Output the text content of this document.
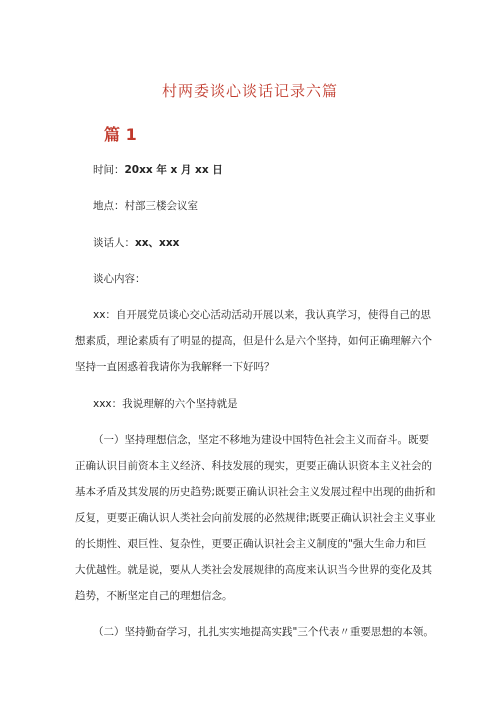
村两委谈心谈话记录六篇
篇 1
时间：20xx 年 x 月 xx 日
地点：村部三楼会议室
谈话人：xx、xxx
谈心内容：
xx：自开展党员谈心交心活动活动开展以来，我认真学习，使得自己的思
想素质，理论素质有了明显的提高，但是什么是六个坚持，如何正确理解六个
坚持一直困惑着我请你为我解释一下好吗？
xxx：我说理解的六个坚持就是
（一）坚持理想信念，坚定不移地为建设中国特色社会主义而奋斗。既要
正确认识目前资本主义经济、科技发展的现实，更要正确认识资本主义社会的
基本矛盾及其发展的历史趋势;既要正确认识社会主义发展过程中出现的曲折和
反复，更要正确认识人类社会向前发展的必然规律;既要正确认识社会主义事业
的长期性、艰巨性、复杂性，更要正确认识社会主义制度的"强大生命力和巨
大优越性。就是说，要从人类社会发展规律的高度来认识当今世界的变化及其
趋势，不断坚定自己的理想信念。
（二）坚持勤奋学习，扎扎实实地提高实践"三个代表〃重要思想的本领。
